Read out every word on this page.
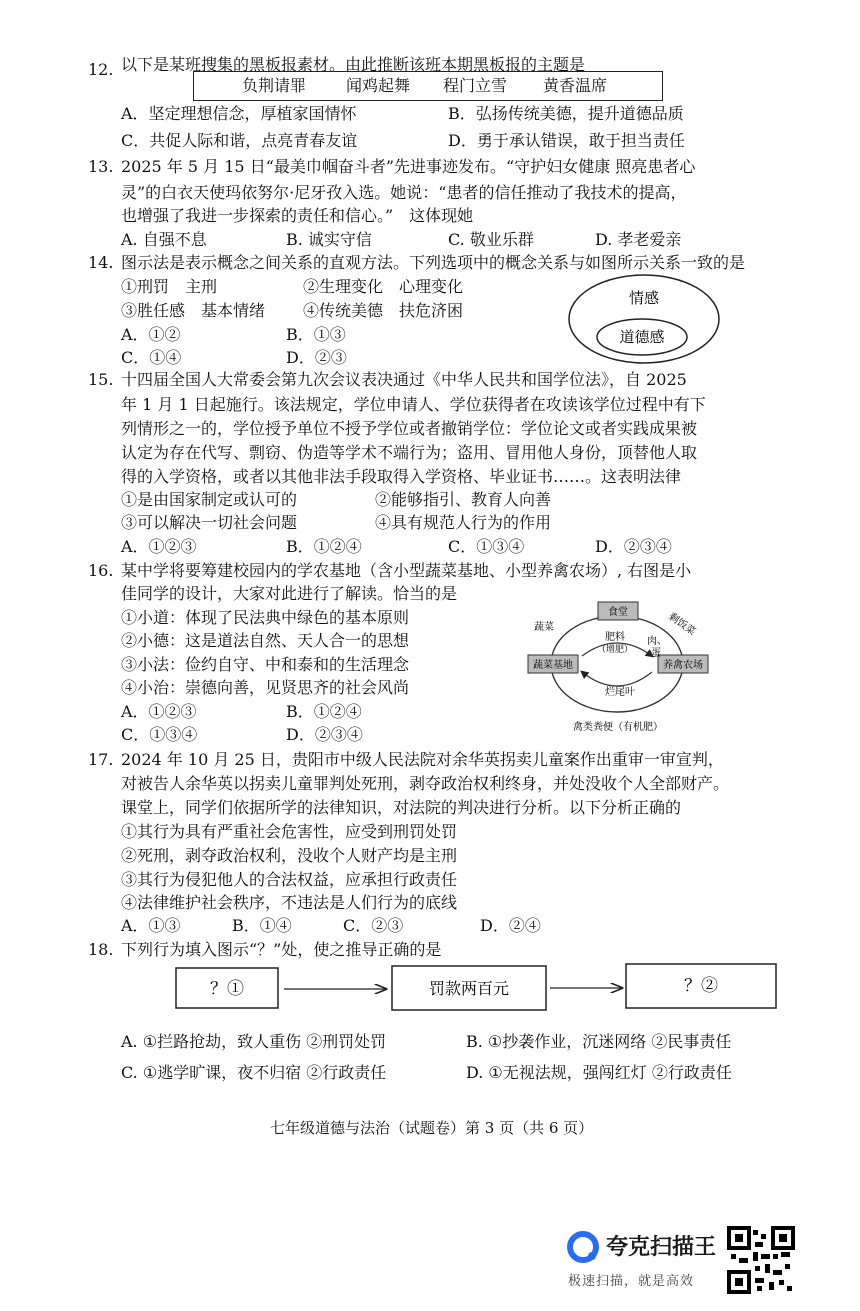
12. 以下是某班搜集的黑板报素材。由此推断该班本期黑板报的主题是
负荆请罪 闻鸡起舞 程门立雪 黄香温席
A．坚定理想信念，厚植家国情怀	B．弘扬传统美德，提升道德品质
C．共促人际和谐，点亮青春友谊	D．勇于承认错误，敢于担当责任
13. 2025 年 5 月 15 日“最美巾帼奋斗者”先进事迹发布。“守护妇女健康 照亮患者心
灵”的白衣天使玛依努尔·尼牙孜入选。她说：“患者的信任推动了我技术的提高，
也增强了我进一步探索的责任和信心。”　这体现她
A. 自强不息	B. 诚实守信	C. 敬业乐群	D. 孝老爱亲
14. 图示法是表示概念之间关系的直观方法。下列选项中的概念关系与如图所示关系一致的是
①刑罚　主刑	②生理变化　心理变化
③胜任感　基本情绪 ④传统美德　扶危济困
A．①②	B．①③
C．①④	D．②③
情感
道德感
15. 十四届全国人大常委会第九次会议表决通过《中华人民共和国学位法》，自 2025
年 1 月 1 日起施行。该法规定，学位申请人、学位获得者在攻读该学位过程中有下
列情形之一的，学位授予单位不授予学位或者撤销学位：学位论文或者实践成果被
认定为存在代写、剽窃、伪造等学术不端行为；盗用、冒用他人身份，顶替他人取
得的入学资格，或者以其他非法手段取得入学资格、毕业证书……。这表明法律
①是由国家制定或认可的	②能够指引、教育人向善
③可以解决一切社会问题	④具有规范人行为的作用
A．①②③	B．①②④	C．①③④	D．②③④
16. 某中学将要筹建校园内的学农基地（含小型蔬菜基地、小型养禽农场）, 右图是小
佳同学的设计，大家对此进行了解读。恰当的是
①小道：体现了民法典中绿色的基本原则
②小德：这是道法自然、天人合一的思想
③小法：俭约自守、中和泰和的生活理念
④小治：崇德向善，见贤思齐的社会风尚
A．①②③	B．①②④
C．①③④	D．②③④
食堂
蔬菜基地	养禽农场
蔬菜	剩饭菜
肥料
（增肥）
肉、
蛋
烂尾叶
禽类粪便（有机肥）
17. 2024 年 10 月 25 日，贵阳市中级人民法院对余华英拐卖儿童案作出重审一审宣判，
对被告人余华英以拐卖儿童罪判处死刑，剥夺政治权利终身，并处没收个人全部财产。
课堂上，同学们依据所学的法律知识，对法院的判决进行分析。以下分析正确的
①其行为具有严重社会危害性，应受到刑罚处罚
②死刑，剥夺政治权利，没收个人财产均是主刑
③其行为侵犯他人的合法权益，应承担行政责任
④法律维护社会秩序，不违法是人们行为的底线
A．①③	B．①④	C．②③	D．②④
18. 下列行为填入图示“？”处，使之推导正确的是
？①	罚款两百元	？②
A. ①拦路抢劫，致人重伤 ②刑罚处罚	B. ①抄袭作业，沉迷网络 ②民事责任
C. ①逃学旷课，夜不归宿 ②行政责任	D. ①无视法规，强闯红灯 ②行政责任
七年级道德与法治（试题卷）第 3 页（共 6 页）
夸克扫描王
极速扫描，就是高效
